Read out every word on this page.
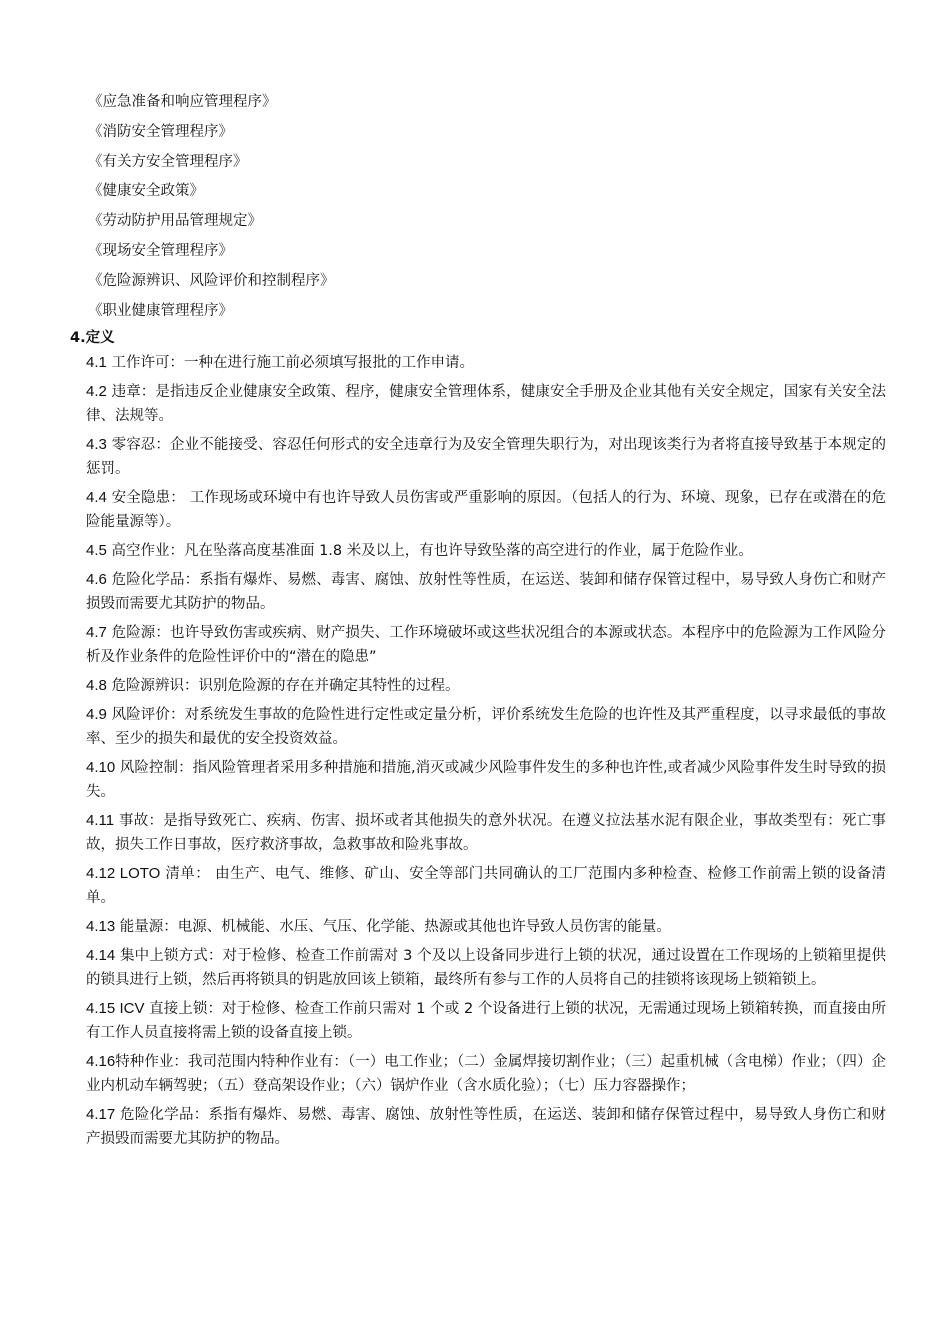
《应急准备和响应管理程序》
《消防安全管理程序》
《有关方安全管理程序》
《健康安全政策》
《劳动防护用品管理规定》
《现场安全管理程序》
《危险源辨识、风险评价和控制程序》
《职业健康管理程序》
4.定义

4.1 工作许可：一种在进行施工前必须填写报批的工作申请。

4.2 违章：是指违反企业健康安全政策、程序，健康安全管理体系，健康安全手册及企业其他有关安全规定，国家有关安全法律、法规等。

4.3 零容忍：企业不能接受、容忍任何形式的安全违章行为及安全管理失职行为，对出现该类行为者将直接导致基于本规定的惩罚。

4.4 安全隐患： 工作现场或环境中有也许导致人员伤害或严重影响的原因。（包括人的行为、环境、现象，已存在或潜在的危险能量源等）。

4.5 高空作业：凡在坠落高度基准面 1.8 米及以上，有也许导致坠落的高空进行的作业，属于危险作业。

4.6 危险化学品：系指有爆炸、易燃、毒害、腐蚀、放射性等性质，在运送、装卸和储存保管过程中，易导致人身伤亡和财产损毁而需要尤其防护的物品。

4.7 危险源：也许导致伤害或疾病、财产损失、工作环境破坏或这些状况组合的本源或状态。本程序中的危险源为工作风险分析及作业条件的危险性评价中的“潜在的隐患”

4.8 危险源辨识：识别危险源的存在并确定其特性的过程。

4.9 风险评价：对系统发生事故的危险性进行定性或定量分析，评价系统发生危险的也许性及其严重程度，以寻求最低的事故率、至少的损失和最优的安全投资效益。

4.10 风险控制：指风险管理者采用多种措施和措施,消灭或减少风险事件发生的多种也许性,或者减少风险事件发生时导致的损失。

4.11 事故：是指导致死亡、疾病、伤害、损坏或者其他损失的意外状况。在遵义拉法基水泥有限企业，事故类型有：死亡事故，损失工作日事故，医疗救济事故，急救事故和险兆事故。

4.12 LOTO 清单： 由生产、电气、维修、矿山、安全等部门共同确认的工厂范围内多种检查、检修工作前需上锁的设备清单。

4.13 能量源：电源、机械能、水压、气压、化学能、热源或其他也许导致人员伤害的能量。

4.14 集中上锁方式：对于检修、检查工作前需对 3 个及以上设备同步进行上锁的状况，通过设置在工作现场的上锁箱里提供的锁具进行上锁，然后再将锁具的钥匙放回该上锁箱，最终所有参与工作的人员将自己的挂锁将该现场上锁箱锁上。

4.15 ICV 直接上锁：对于检修、检查工作前只需对 1 个或 2 个设备进行上锁的状况，无需通过现场上锁箱转换，而直接由所有工作人员直接将需上锁的设备直接上锁。

4.16特种作业：我司范围内特种作业有：（一）电工作业；（二）金属焊接切割作业；（三）起重机械（含电梯）作业；（四）企业内机动车辆驾驶；（五）登高架设作业；（六）锅炉作业（含水质化验）；（七）压力容器操作；

4.17 危险化学品：系指有爆炸、易燃、毒害、腐蚀、放射性等性质，在运送、装卸和储存保管过程中，易导致人身伤亡和财产损毁而需要尤其防护的物品。
